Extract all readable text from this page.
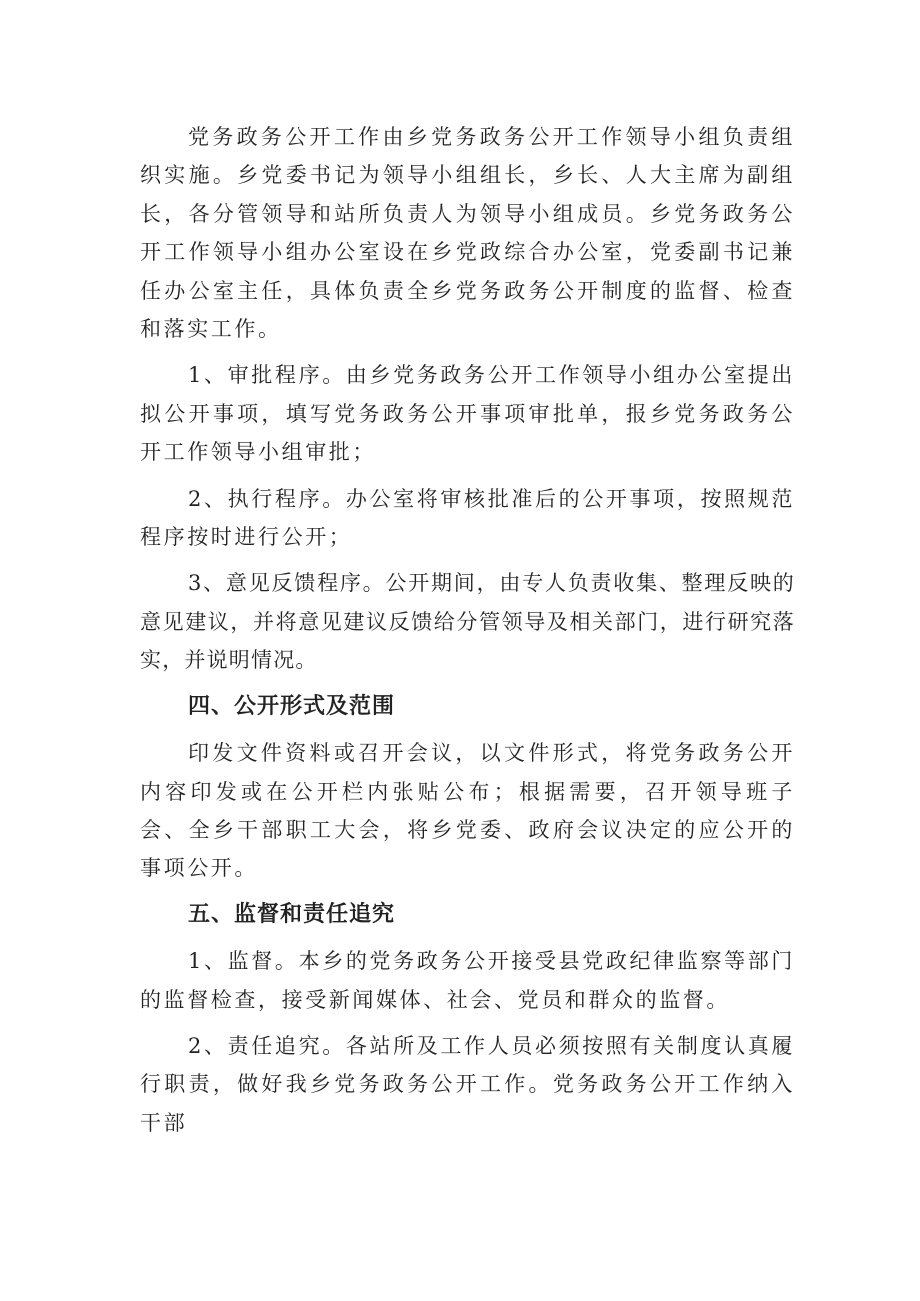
党务政务公开工作由乡党务政务公开工作领导小组负责组织实施。乡党委书记为领导小组组长，乡长、人大主席为副组长，各分管领导和站所负责人为领导小组成员。乡党务政务公开工作领导小组办公室设在乡党政综合办公室，党委副书记兼任办公室主任，具体负责全乡党务政务公开制度的监督、检查和落实工作。

1、审批程序。由乡党务政务公开工作领导小组办公室提出拟公开事项，填写党务政务公开事项审批单，报乡党务政务公开工作领导小组审批；

2、执行程序。办公室将审核批准后的公开事项，按照规范程序按时进行公开；

3、意见反馈程序。公开期间，由专人负责收集、整理反映的意见建议，并将意见建议反馈给分管领导及相关部门，进行研究落实，并说明情况。

四、公开形式及范围

印发文件资料或召开会议，以文件形式，将党务政务公开内容印发或在公开栏内张贴公布；根据需要，召开领导班子会、全乡干部职工大会，将乡党委、政府会议决定的应公开的事项公开。

五、监督和责任追究

1、监督。本乡的党务政务公开接受县党政纪律监察等部门的监督检查，接受新闻媒体、社会、党员和群众的监督。

2、责任追究。各站所及工作人员必须按照有关制度认真履行职责，做好我乡党务政务公开工作。党务政务公开工作纳入干部
